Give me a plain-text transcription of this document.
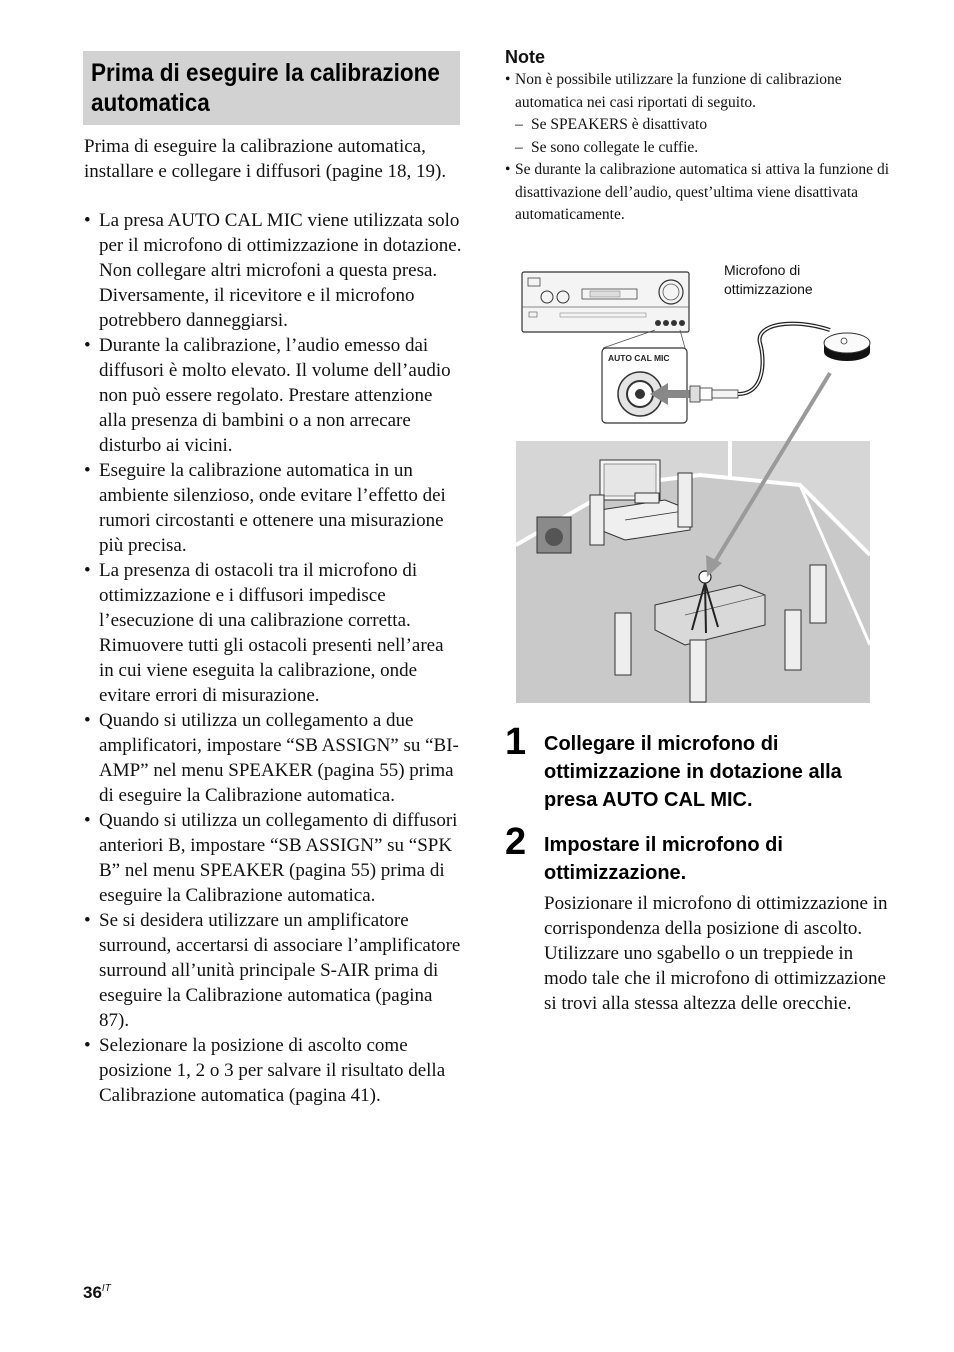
Prima di eseguire la calibrazione automatica

Prima di eseguire la calibrazione automatica, installare e collegare i diffusori (pagine 18, 19).

• La presa AUTO CAL MIC viene utilizzata solo per il microfono di ottimizzazione in dotazione. Non collegare altri microfoni a questa presa. Diversamente, il ricevitore e il microfono potrebbero danneggiarsi.
• Durante la calibrazione, l’audio emesso dai diffusori è molto elevato. Il volume dell’audio non può essere regolato. Prestare attenzione alla presenza di bambini o a non arrecare disturbo ai vicini.
• Eseguire la calibrazione automatica in un ambiente silenzioso, onde evitare l’effetto dei rumori circostanti e ottenere una misurazione più precisa.
• La presenza di ostacoli tra il microfono di ottimizzazione e i diffusori impedisce l’esecuzione di una calibrazione corretta. Rimuovere tutti gli ostacoli presenti nell’area in cui viene eseguita la calibrazione, onde evitare errori di misurazione.
• Quando si utilizza un collegamento a due amplificatori, impostare “SB ASSIGN” su “BI-AMP” nel menu SPEAKER (pagina 55) prima di eseguire la Calibrazione automatica.
• Quando si utilizza un collegamento di diffusori anteriori B, impostare “SB ASSIGN” su “SPK B” nel menu SPEAKER (pagina 55) prima di eseguire la Calibrazione automatica.
• Se si desidera utilizzare un amplificatore surround, accertarsi di associare l’amplificatore surround all’unità principale S-AIR prima di eseguire la Calibrazione automatica (pagina 87).
• Selezionare la posizione di ascolto come posizione 1, 2 o 3 per salvare il risultato della Calibrazione automatica (pagina 41).
Note
• Non è possibile utilizzare la funzione di calibrazione automatica nei casi riportati di seguito.
– Se SPEAKERS è disattivato
– Se sono collegate le cuffie.
• Se durante la calibrazione automatica si attiva la funzione di disattivazione dell’audio, quest’ultima viene disattivata automaticamente.
AUTO CAL MIC
Microfono di ottimizzazione
1 Collegare il microfono di ottimizzazione in dotazione alla presa AUTO CAL MIC.
2 Impostare il microfono di ottimizzazione.

Posizionare il microfono di ottimizzazione in corrispondenza della posizione di ascolto. Utilizzare uno sgabello o un treppiede in modo tale che il microfono di ottimizzazione si trovi alla stessa altezza delle orecchie.

$36^{IT}$
